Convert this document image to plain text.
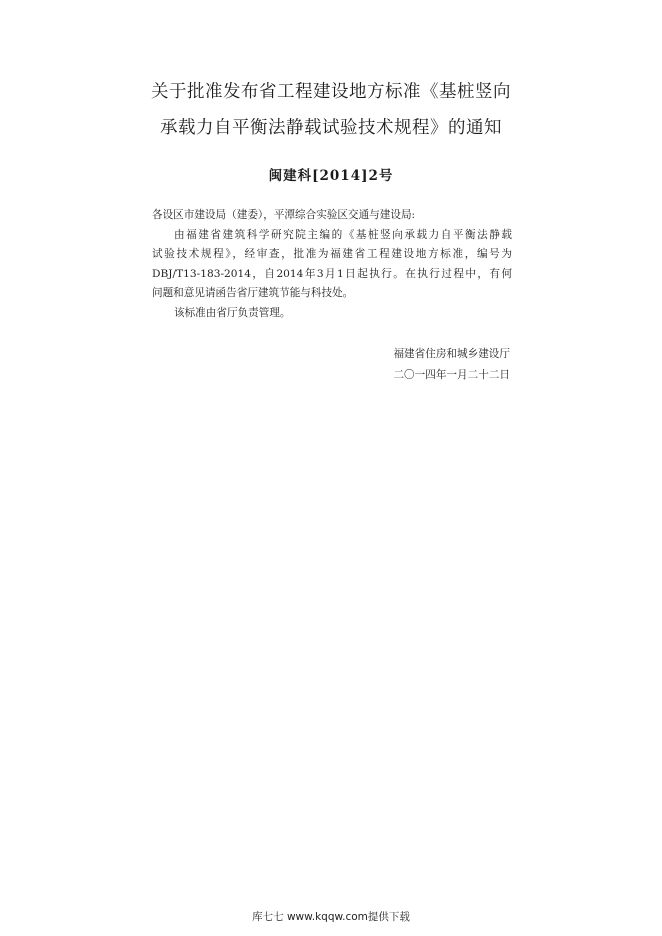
关于批准发布省工程建设地方标准《基桩竖向
承载力自平衡法静载试验技术规程》的通知
闽建科[2014]2号
各设区市建设局（建委），平潭综合实验区交通与建设局:
由福建省建筑科学研究院主编的《基桩竖向承载力自平衡法静载
试验技术规程》，经审查，批准为福建省工程建设地方标准，编号为
DBJ/T13-183-2014，自2014年3月1日起执行。在执行过程中，有何
问题和意见请函告省厅建筑节能与科技处。
该标准由省厅负责管理。
福建省住房和城乡建设厅
二〇一四年一月二十二日
库七七 www.kqqw.com提供下载
